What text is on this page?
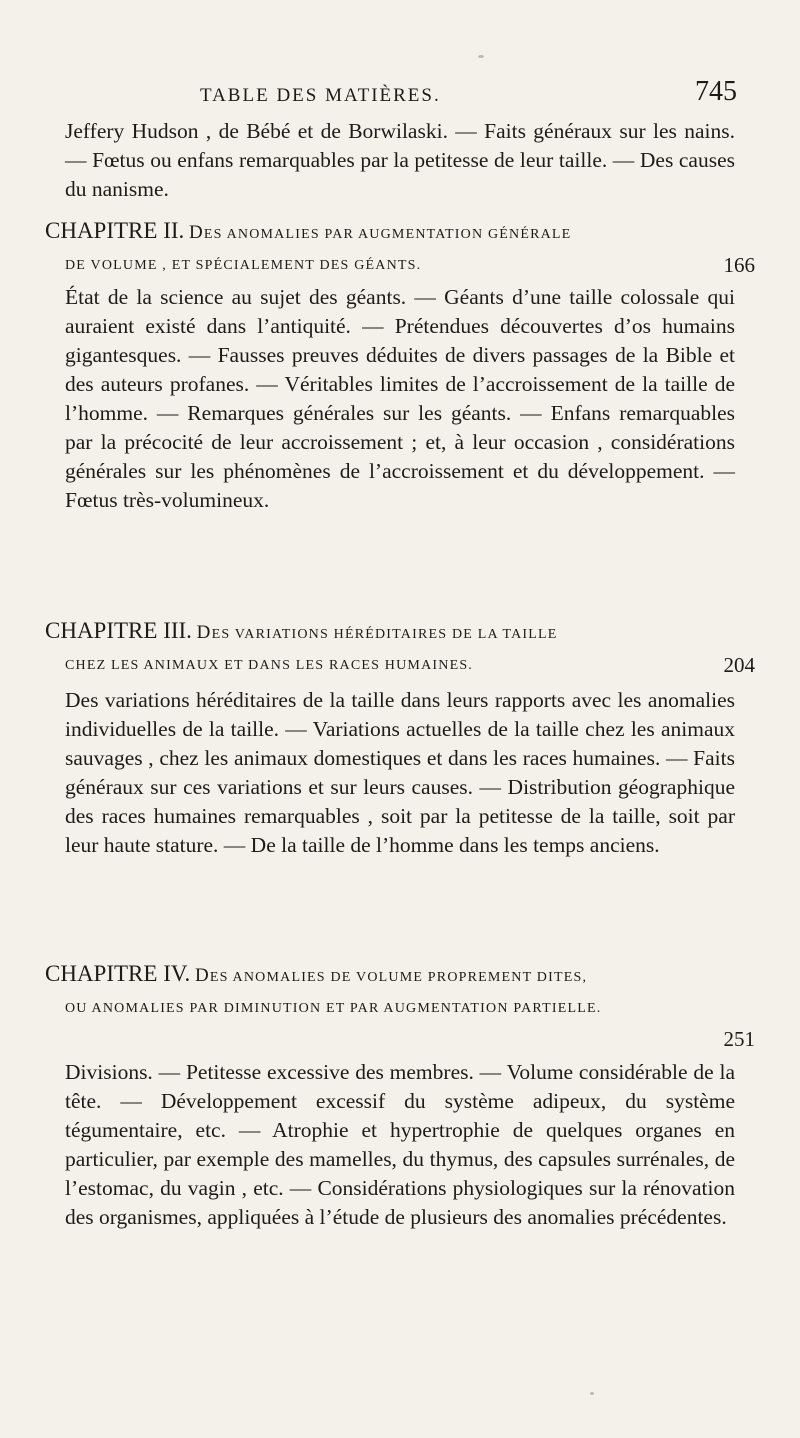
TABLE DES MATIÈRES.	745

Jeffery Hudson , de Bébé et de Borwilaski. — Faits généraux sur les nains. — Fœtus ou enfans remarquables par la petitesse de leur taille. — Des causes du nanisme.

CHAPITRE II. DES ANOMALIES PAR AUGMENTATION GÉNÉRALE
DE VOLUME , ET SPÉCIALEMENT DES GÉANTS.	166

État de la science au sujet des géants. — Géants d’une taille colossale qui auraient existé dans l’antiquité. — Prétendues découvertes d’os humains gigantesques. — Fausses preuves déduites de divers passages de la Bible et des auteurs profanes. — Véritables limites de l’accroissement de la taille de l’homme. — Remarques générales sur les géants. — Enfans remarquables par la précocité de leur accroissement ; et, à leur occasion , considérations générales sur les phénomènes de l’accroissement et du développement. — Fœtus très-volumineux.

CHAPITRE III. DES VARIATIONS HÉRÉDITAIRES DE LA TAILLE
CHEZ LES ANIMAUX ET DANS LES RACES HUMAINES.	204

Des variations héréditaires de la taille dans leurs rapports avec les anomalies individuelles de la taille. — Variations actuelles de la taille chez les animaux sauvages , chez les animaux domestiques et dans les races humaines. — Faits généraux sur ces variations et sur leurs causes. — Distribution géographique des races humaines remarquables , soit par la petitesse de la taille, soit par leur haute stature. — De la taille de l’homme dans les temps anciens.

CHAPITRE IV. DES ANOMALIES DE VOLUME PROPREMENT DITES,
OU ANOMALIES PAR DIMINUTION ET PAR AUGMENTATION PARTIELLE.
251

Divisions. — Petitesse excessive des membres. — Volume considérable de la tête. — Développement excessif du système adipeux, du système tégumentaire, etc. — Atrophie et hypertrophie de quelques organes en particulier, par exemple des mamelles, du thymus, des capsules surrénales, de l’estomac, du vagin , etc. — Considérations physiologiques sur la rénovation des organismes, appliquées à l’étude de plusieurs des anomalies précédentes.
